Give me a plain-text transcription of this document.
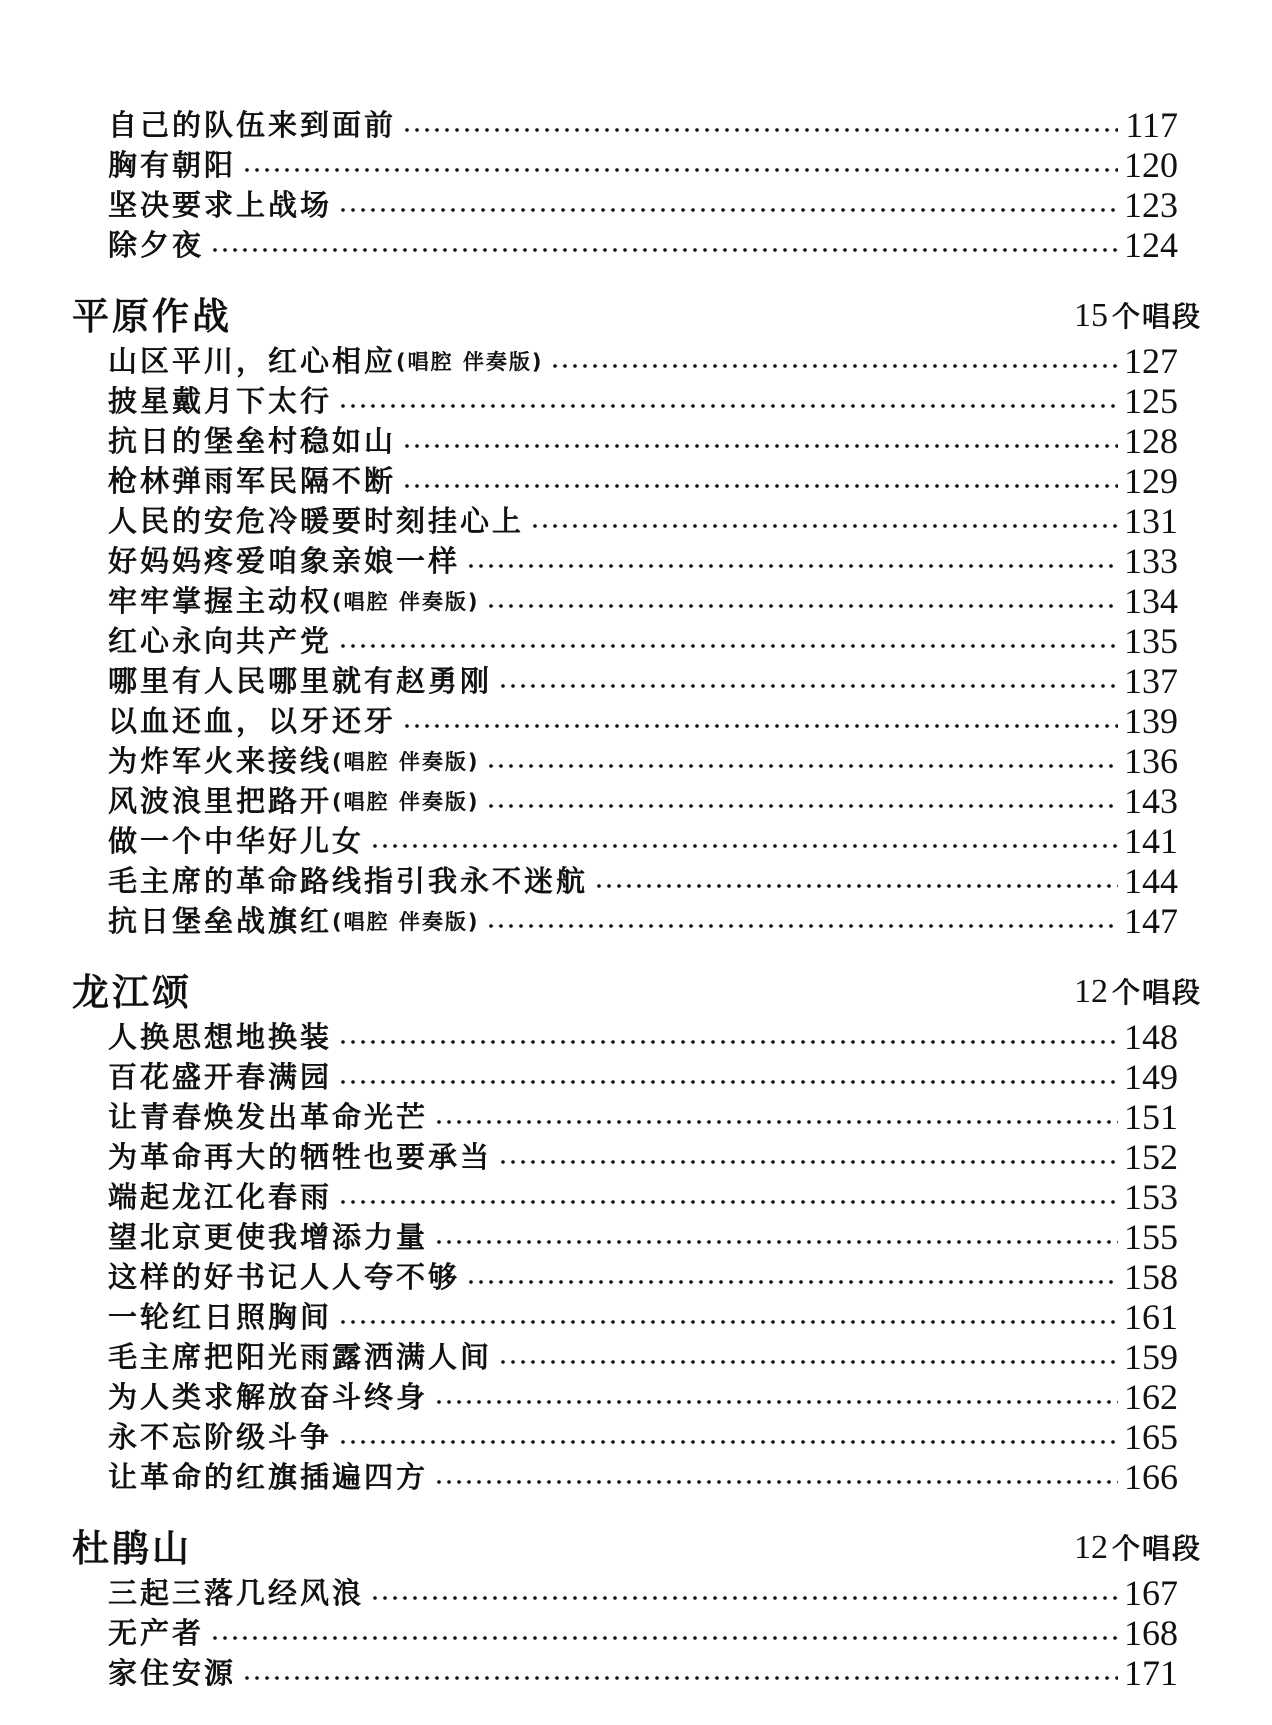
自己的队伍来到面前	117
胸有朝阳	120
坚决要求上战场	123
除夕夜	124
平原作战	15 个唱段
山区平川，红心相应 (唱腔 伴奏版)	127
披星戴月下太行	125
抗日的堡垒村稳如山	128
枪林弹雨军民隔不断	129
人民的安危冷暖要时刻挂心上	131
好妈妈疼爱咱象亲娘一样	133
牢牢掌握主动权 (唱腔 伴奏版)	134
红心永向共产党	135
哪里有人民哪里就有赵勇刚	137
以血还血，以牙还牙	139
为炸军火来接线 (唱腔 伴奏版)	136
风波浪里把路开 (唱腔 伴奏版)	143
做一个中华好儿女	141
毛主席的革命路线指引我永不迷航	144
抗日堡垒战旗红 (唱腔 伴奏版)	147
龙江颂	12 个唱段
人换思想地换装	148
百花盛开春满园	149
让青春焕发出革命光芒	151
为革命再大的牺牲也要承当	152
端起龙江化春雨	153
望北京更使我增添力量	155
这样的好书记人人夸不够	158
一轮红日照胸间	161
毛主席把阳光雨露洒满人间	159
为人类求解放奋斗终身	162
永不忘阶级斗争	165
让革命的红旗插遍四方	166
杜鹃山	12 个唱段
三起三落几经风浪	167
无产者	168
家住安源	171
